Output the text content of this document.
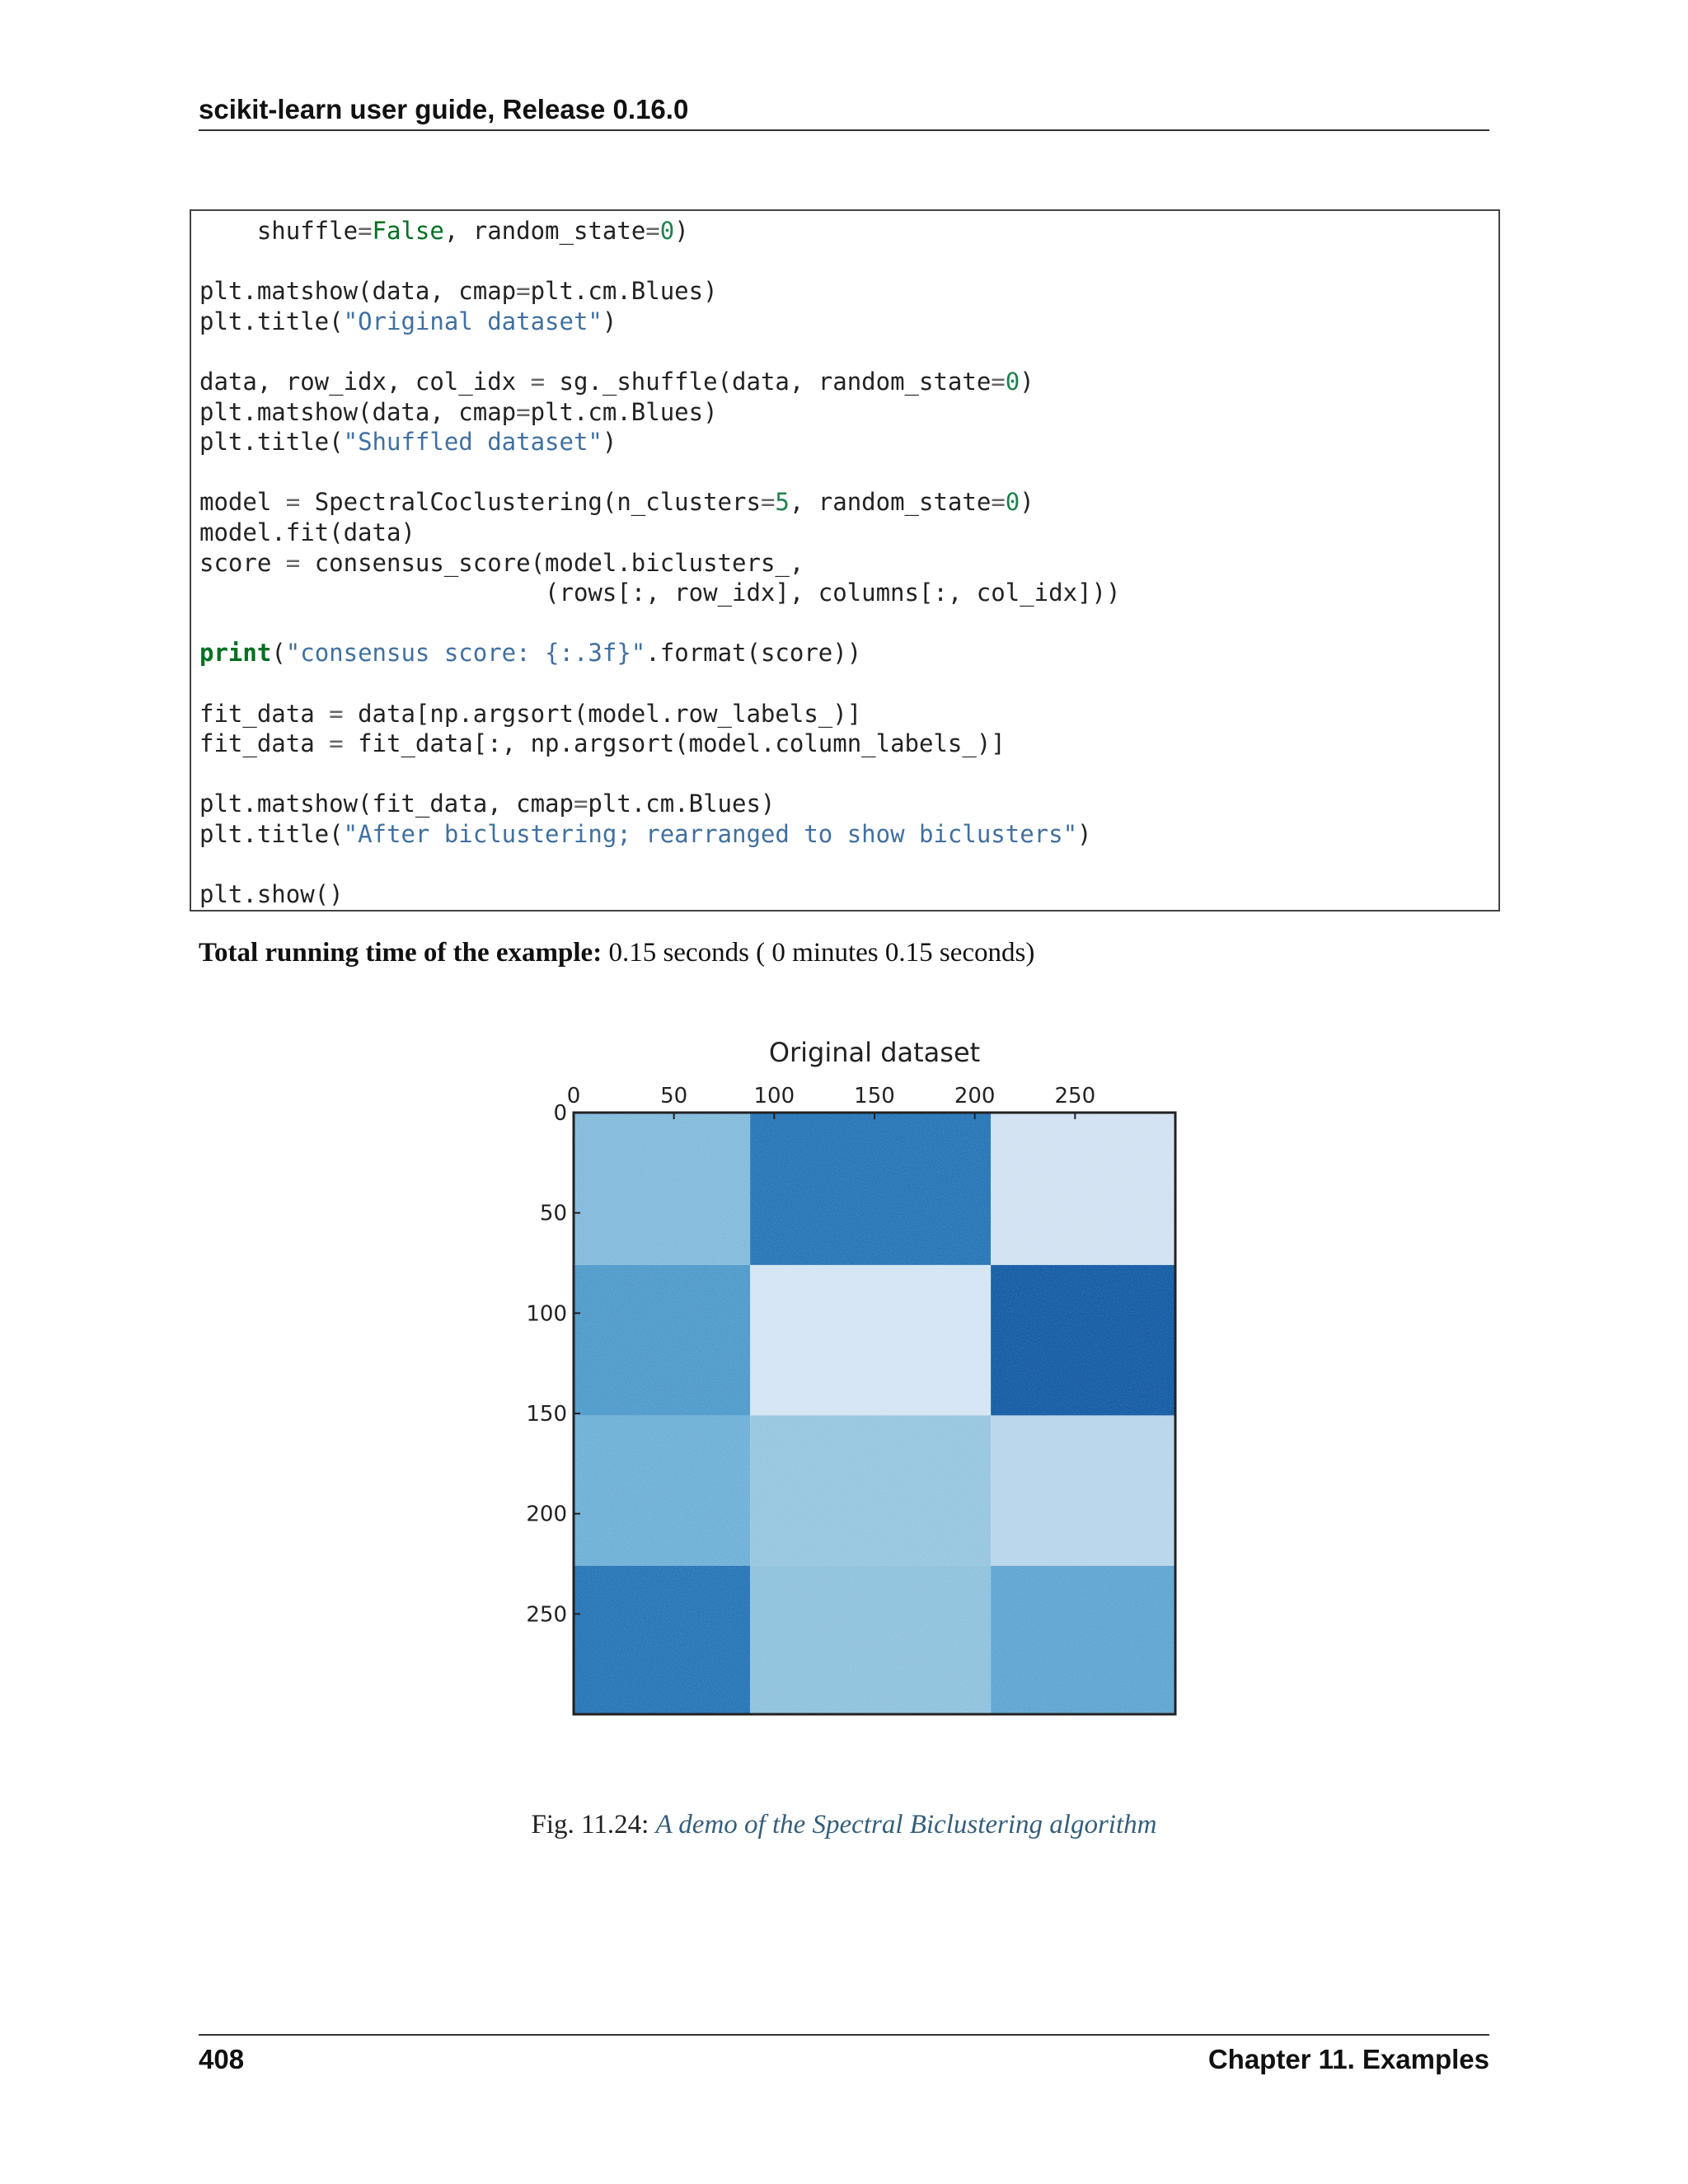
scikit-learn user guide, Release 0.16.0
shuffle=False, random_state=0)

plt.matshow(data, cmap=plt.cm.Blues)
plt.title("Original dataset")

data, row_idx, col_idx = sg._shuffle(data, random_state=0)
plt.matshow(data, cmap=plt.cm.Blues)
plt.title("Shuffled dataset")

model = SpectralCoclustering(n_clusters=5, random_state=0)
model.fit(data)
score = consensus_score(model.biclusters_,
(rows[:, row_idx], columns[:, col_idx]))

print("consensus score: {:.3f}".format(score))

fit_data = data[np.argsort(model.row_labels_)]
fit_data = fit_data[:, np.argsort(model.column_labels_)]

plt.matshow(fit_data, cmap=plt.cm.Blues)
plt.title("After biclustering; rearranged to show biclusters")

plt.show()
Total running time of the example: 0.15 seconds ( 0 minutes 0.15 seconds)
Original dataset
0	50	100	150	200	250
0
50
100
150
200
250
Fig. 11.24: A demo of the Spectral Biclustering algorithm
408	Chapter 11. Examples
